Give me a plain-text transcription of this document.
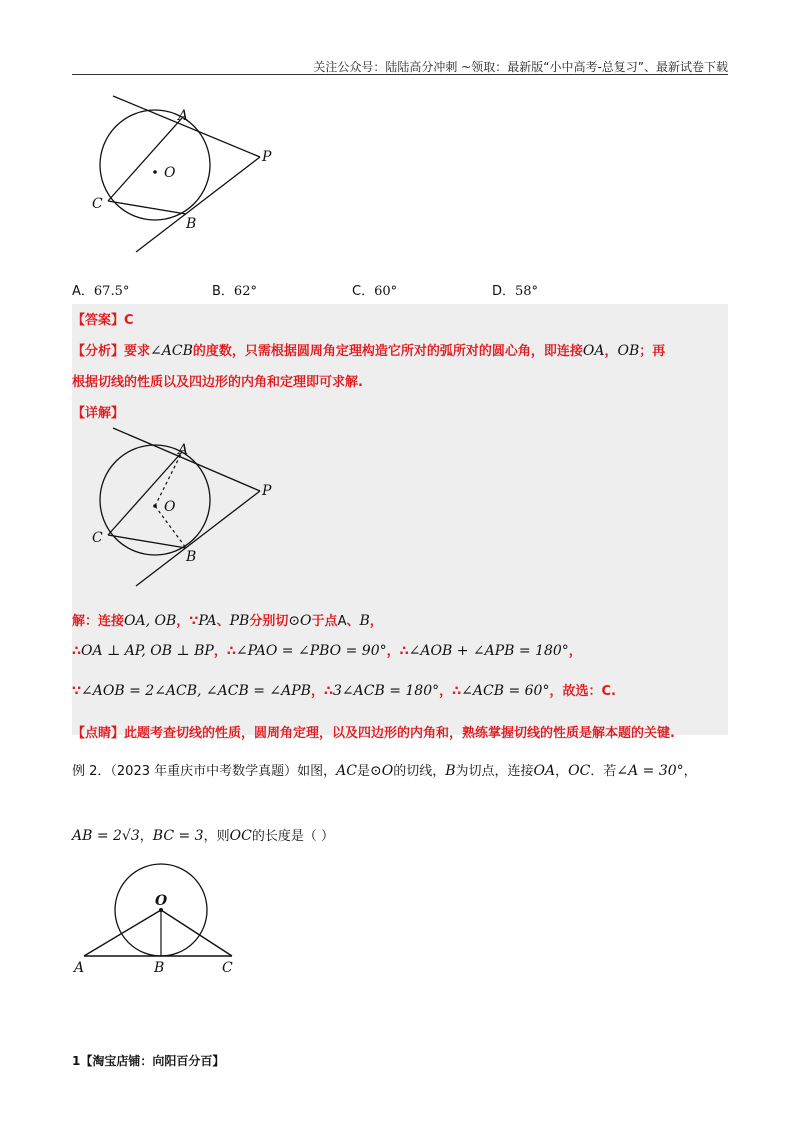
关注公众号：陆陆高分冲刺 ~领取：最新版“小中高考-总复习”、最新试卷下载
A
O
P
C
B
A．67.5°	B．62°	C．60°	D．58°
【答案】C
【分析】要求∠ACB的度数，只需根据圆周角定理构造它所对的弧所对的圆心角，即连接OA，OB；再
根据切线的性质以及四边形的内角和定理即可求解.
【详解】
A
O
P
C
B
解：连接OA, OB，∵PA、PB分别切⊙O于点A、B，
∴OA ⊥ AP, OB ⊥ BP，∴∠PAO = ∠PBO = 90°，∴∠AOB + ∠APB = 180°，
∵∠AOB = 2∠ACB, ∠ACB = ∠APB，∴3∠ACB = 180°，∴∠ACB = 60°，故选：C.
【点睛】此题考查切线的性质，圆周角定理，以及四边形的内角和，熟练掌握切线的性质是解本题的关键.
例 2．（2023 年重庆市中考数学真题）如图，AC是⊙O的切线，B为切点，连接OA，OC．若∠A = 30°，
AB = 2√3，BC = 3，则OC的长度是（ ）
O
A	B	C
1【淘宝店铺：向阳百分百】
